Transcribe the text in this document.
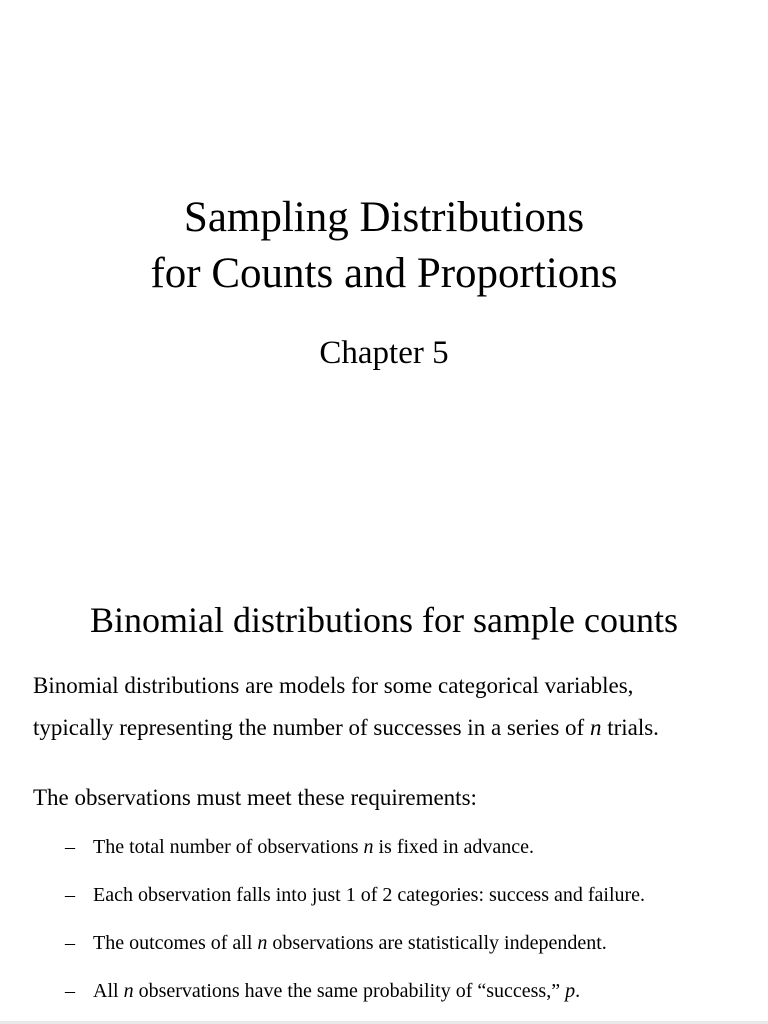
Sampling Distributions
for Counts and Proportions

Chapter 5

Binomial distributions for sample counts

Binomial distributions are models for some categorical variables,
typically representing the number of successes in a series of n trials.

The observations must meet these requirements:

– The total number of observations n is fixed in advance.
– Each observation falls into just 1 of 2 categories: success and failure.
– The outcomes of all n observations are statistically independent.
– All n observations have the same probability of “success,” p.
